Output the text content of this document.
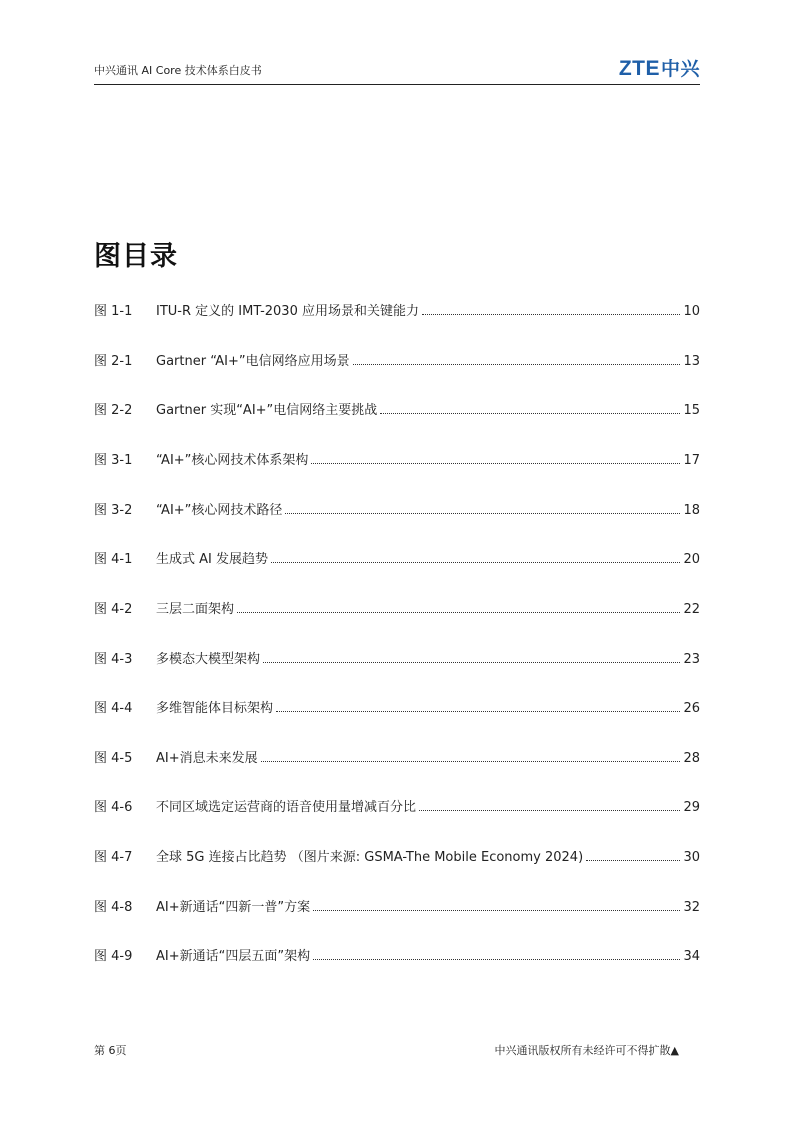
中兴通讯 AI Core 技术体系白皮书	ZTE中兴
图目录
图 1-1	ITU-R 定义的 IMT-2030 应用场景和关键能力	10
图 2-1	Gartner “AI+”电信网络应用场景	13
图 2-2	Gartner 实现“AI+”电信网络主要挑战	15
图 3-1	“AI+”核心网技术体系架构	17
图 3-2	“AI+”核心网技术路径	18
图 4-1	生成式 AI 发展趋势	20
图 4-2	三层二面架构	22
图 4-3	多模态大模型架构	23
图 4-4	多维智能体目标架构	26
图 4-5	AI+消息未来发展	28
图 4-6	不同区域选定运营商的语音使用量增减百分比	29
图 4-7	全球 5G 连接占比趋势 （图片来源: GSMA-The Mobile Economy 2024)	30
图 4-8	AI+新通话“四新一普”方案	32
图 4-9	AI+新通话“四层五面”架构	34
第 6页	中兴通讯版权所有未经许可不得扩散▲
